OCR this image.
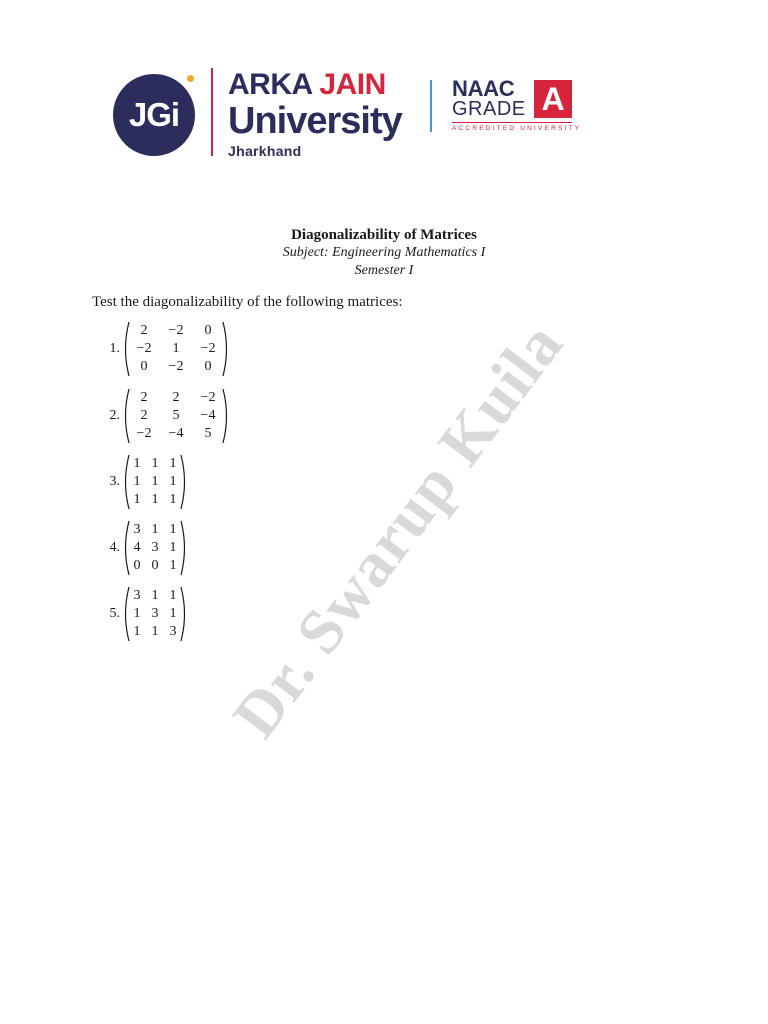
JGi
ARKA JAIN
University
Jharkhand
NAAC
GRADE A
ACCREDITED UNIVERSITY
Diagonalizability of Matrices
Subject: Engineering Mathematics I
Semester I
Test the diagonalizability of the following matrices:
1.
2	−2	0
−2	1	−2
0	−2	0
2.
2	2	−2
2	5	−4
−2	−4	5
3.
1 1 1
1 1 1
1 1 1
4.
3 1 1
4 3 1
0 0 1
5.
3 1 1
1 3 1
1 1 3 Dr. Swarup Kuila
